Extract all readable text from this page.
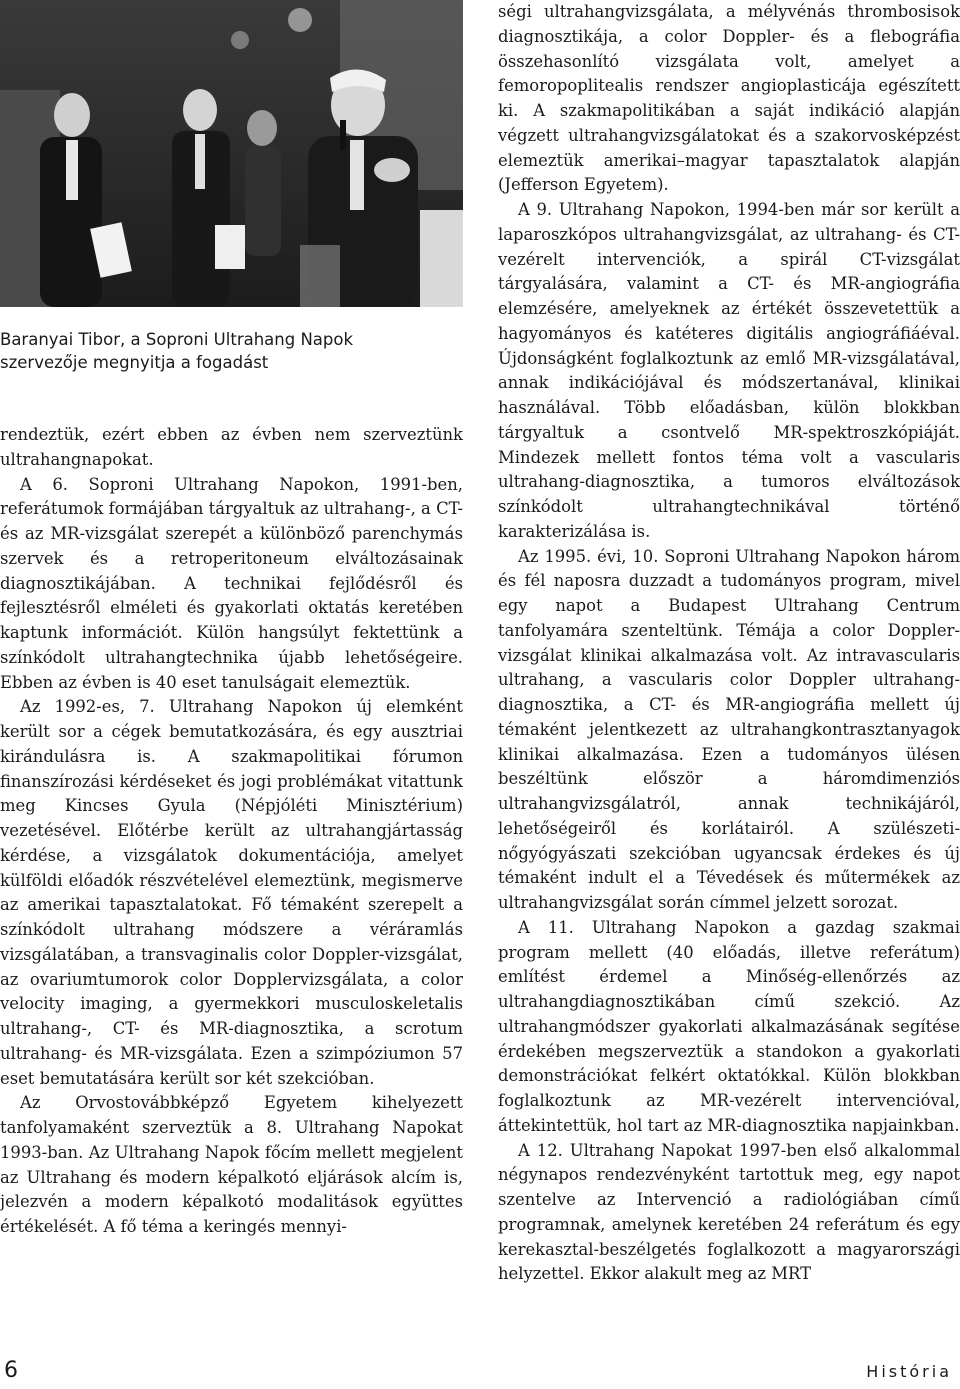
Baranyai Tibor, a Soproni Ultrahang Napok
szervezője megnyitja a fogadást

rendeztük, ezért ebben az évben nem szerveztünk ultrahangnapokat.

A 6. Soproni Ultrahang Napokon, 1991-ben, referátumok formájában tárgyaltuk az ultrahang-, a CT- és az MR-vizsgálat szerepét a különböző parenchymás szervek és a retroperitoneum elváltozásainak diagnosztikájában. A technikai fejlődésről és fejlesztésről elméleti és gyakorlati oktatás keretében kaptunk információt. Külön hangsúlyt fektettünk a színkódolt ultrahangtechnika újabb lehetőségeire. Ebben az évben is 40 eset tanulságait elemeztük.

Az 1992-es, 7. Ultrahang Napokon új elemként került sor a cégek bemutatkozására, és egy ausztriai kirándulásra is. A szakmapolitikai fórumon finanszírozási kérdéseket és jogi problémákat vitattunk meg Kincses Gyula (Népjóléti Minisztérium) vezetésével. Előtérbe került az ultrahangjártasság kérdése, a vizsgálatok dokumentációja, amelyet külföldi előadók részvételével elemeztünk, megismerve az amerikai tapasztalatokat. Fő témaként szerepelt a színkódolt ultrahang módszere a véráramlás vizsgálatában, a transvaginalis color Doppler-vizsgálat, az ovariumtumorok color Dopplervizsgálata, a color velocity imaging, a gyermekkori musculoskeletalis ultrahang-, CT- és MR-diagnosztika, a scrotum ultrahang- és MR-vizsgálata. Ezen a szimpóziumon 57 eset bemutatására került sor két szekcióban.

Az Orvostovábbképző Egyetem kihelyezett tanfolyamaként szerveztük a 8. Ultrahang Napokat 1993-ban. Az Ultrahang Napok főcím mellett megjelent az Ultrahang és modern képalkotó eljárások alcím is, jelezvén a modern képalkotó modalitások együttes értékelését. A fő téma a keringés mennyi-

ségi ultrahangvizsgálata, a mélyvénás thrombosisok diagnosztikája, a color Doppler- és a flebográfia összehasonlító vizsgálata volt, amelyet a femoropoplitealis rendszer angioplasticája egészített ki. A szakmapolitikában a saját indikáció alapján végzett ultrahangvizsgálatokat és a szakorvosképzést elemeztük amerikai–magyar tapasztalatok alapján (Jefferson Egyetem).

A 9. Ultrahang Napokon, 1994-ben már sor került a laparoszkópos ultrahangvizsgálat, az ultrahang- és CT-vezérelt intervenciók, a spirál CT-vizsgálat tárgyalására, valamint a CT- és MR-angiográfia elemzésére, amelyeknek az értékét összevetettük a hagyományos és katéteres digitális angiográfiáéval. Újdonságként foglalkoztunk az emlő MR-vizsgálatával, annak indikációjával és módszertanával, klinikai használával. Több előadásban, külön blokkban tárgyaltuk a csontvelő MR-spektroszkópiáját. Mindezek mellett fontos téma volt a vascularis ultrahang-diagnosztika, a tumoros elváltozások színkódolt ultrahangtechnikával történő karakterizálása is.

Az 1995. évi, 10. Soproni Ultrahang Napokon három és fél naposra duzzadt a tudományos program, mivel egy napot a Budapest Ultrahang Centrum tanfolyamára szenteltünk. Témája a color Doppler-vizsgálat klinikai alkalmazása volt. Az intravascularis ultrahang, a vascularis color Doppler ultrahang-diagnosztika, a CT- és MR-angiográfia mellett új témaként jelentkezett az ultrahangkontrasztanyagok klinikai alkalmazása. Ezen a tudományos ülésen beszéltünk először a háromdimenziós ultrahangvizsgálatról, annak technikájáról, lehetőségeiről és korlátairól. A szülészeti-nőgyógyászati szekcióban ugyancsak érdekes és új témaként indult el a Tévedések és műtermékek az ultrahangvizsgálat során címmel jelzett sorozat.

A 11. Ultrahang Napokon a gazdag szakmai program mellett (40 előadás, illetve referátum) említést érdemel a Minőség-ellenőrzés az ultrahangdiagnosztikában című szekció. Az ultrahangmódszer gyakorlati alkalmazásának segítése érdekében megszerveztük a standokon a gyakorlati demonstrációkat felkért oktatókkal. Külön blokkban foglalkoztunk az MR-vezérelt intervencióval, áttekintettük, hol tart az MR-diagnosztika napjainkban.

A 12. Ultrahang Napokat 1997-ben első alkalommal négynapos rendezvényként tartottuk meg, egy napot szentelve az Intervenció a radiológiában című programnak, amelynek keretében 24 referátum és egy kerekasztal-beszélgetés foglalkozott a magyarországi helyzettel. Ekkor alakult meg az MRT

6	História
